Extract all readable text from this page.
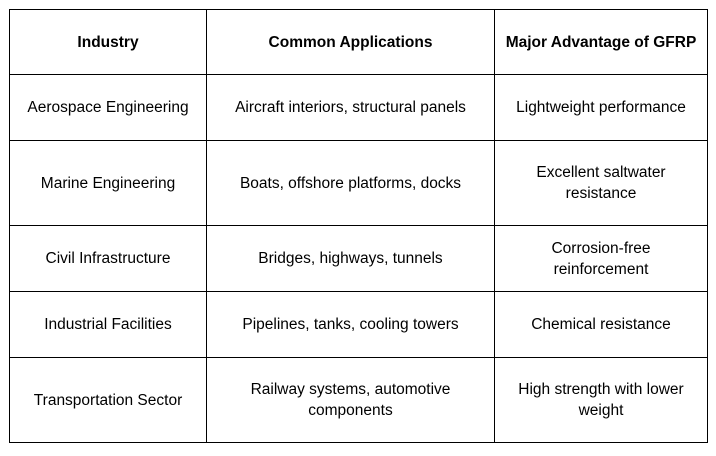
Industry	Common Applications	Major Advantage of GFRP
Aerospace Engineering	Aircraft interiors, structural panels	Lightweight performance
Marine Engineering	Boats, offshore platforms, docks	Excellent saltwater resistance
Civil Infrastructure	Bridges, highways, tunnels	Corrosion-free reinforcement
Industrial Facilities	Pipelines, tanks, cooling towers	Chemical resistance
Transportation Sector	Railway systems, automotive components	High strength with lower weight
